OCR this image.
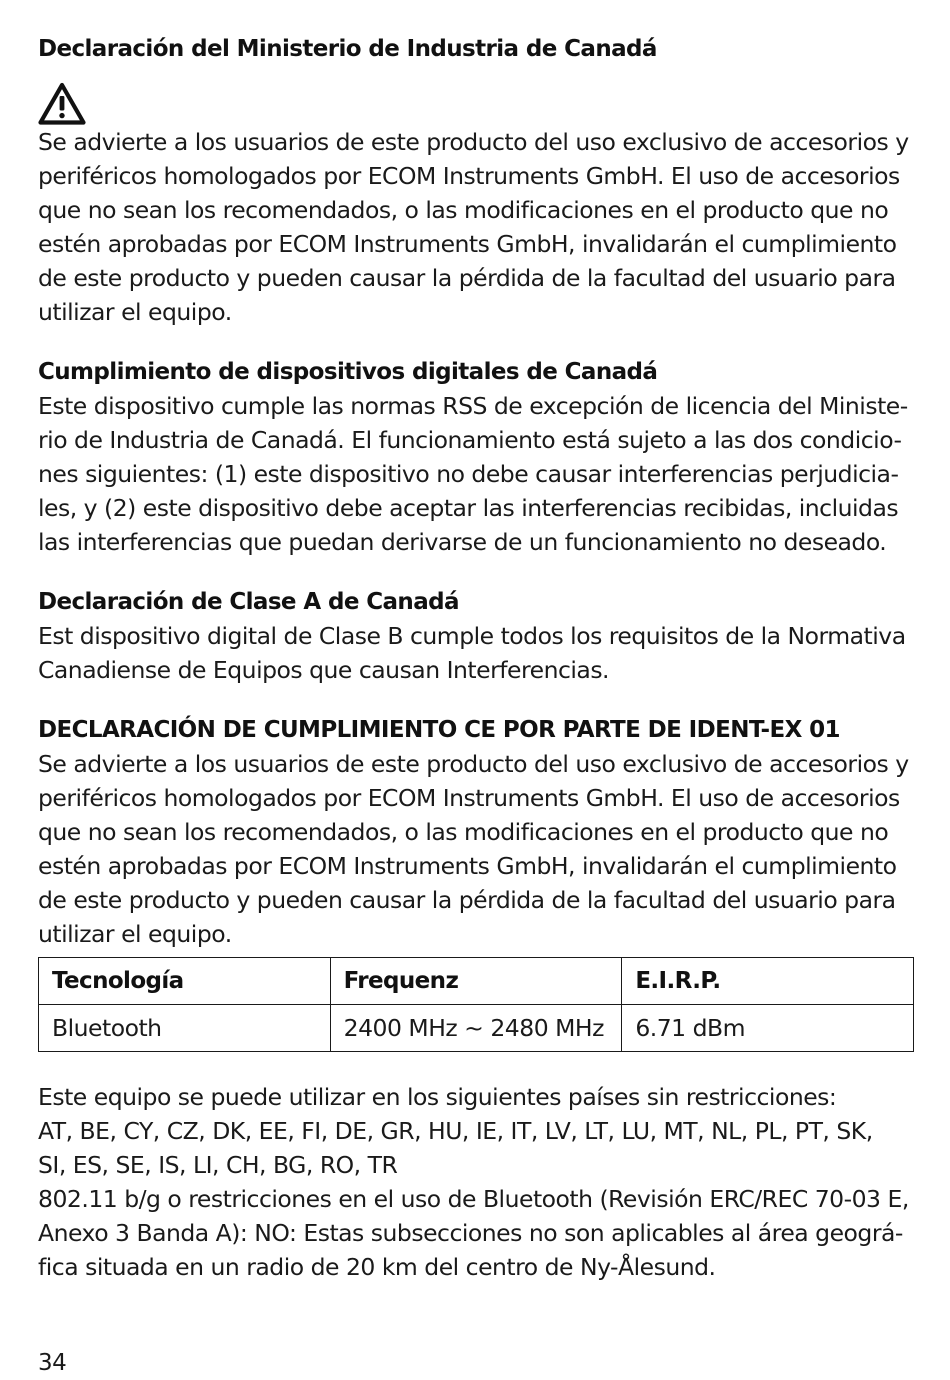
Declaración del Ministerio de Industria de Canadá

Se advierte a los usuarios de este producto del uso exclusivo de accesorios y
periféricos homologados por ECOM Instruments GmbH. El uso de accesorios
que no sean los recomendados, o las modificaciones en el producto que no
estén aprobadas por ECOM Instruments GmbH, invalidarán el cumplimiento
de este producto y pueden causar la pérdida de la facultad del usuario para
utilizar el equipo.

Cumplimiento de dispositivos digitales de Canadá

Este dispositivo cumple las normas RSS de excepción de licencia del Ministe-
rio de Industria de Canadá. El funcionamiento está sujeto a las dos condicio-
nes siguientes: (1) este dispositivo no debe causar interferencias perjudicia-
les, y (2) este dispositivo debe aceptar las interferencias recibidas, incluidas
las interferencias que puedan derivarse de un funcionamiento no deseado.

Declaración de Clase A de Canadá

Est dispositivo digital de Clase B cumple todos los requisitos de la Normativa
Canadiense de Equipos que causan Interferencias.

DECLARACIÓN DE CUMPLIMIENTO CE POR PARTE DE IDENT-EX 01

Se advierte a los usuarios de este producto del uso exclusivo de accesorios y
periféricos homologados por ECOM Instruments GmbH. El uso de accesorios
que no sean los recomendados, o las modificaciones en el producto que no
estén aprobadas por ECOM Instruments GmbH, invalidarán el cumplimiento
de este producto y pueden causar la pérdida de la facultad del usuario para
utilizar el equipo.

Tecnología	Frequenz	E.I.R.P.
Bluetooth	2400 MHz ~ 2480 MHz	6.71 dBm

Este equipo se puede utilizar en los siguientes países sin restricciones:
AT, BE, CY, CZ, DK, EE, FI, DE, GR, HU, IE, IT, LV, LT, LU, MT, NL, PL, PT, SK,
SI, ES, SE, IS, LI, CH, BG, RO, TR
802.11 b/g o restricciones en el uso de Bluetooth (Revisión ERC/REC 70-03 E,
Anexo 3 Banda A): NO: Estas subsecciones no son aplicables al área geográ-
fica situada en un radio de 20 km del centro de Ny-Ålesund.

34
